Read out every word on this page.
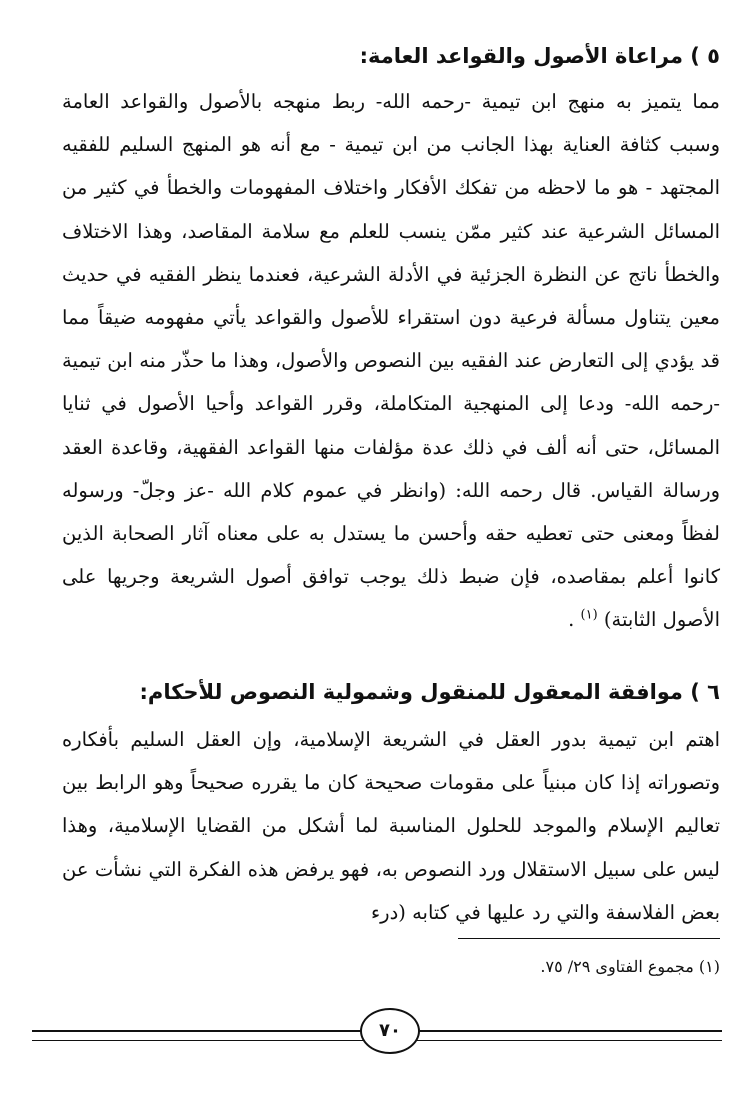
٥ ) مراعاة الأصول والقواعد العامة:

مما يتميز به منهج ابن تيمية -رحمه الله- ربط منهجه بالأصول والقواعد العامة وسبب كثافة العناية بهذا الجانب من ابن تيمية - مع أنه هو المنهج السليم للفقيه المجتهد - هو ما لاحظه من تفكك الأفكار واختلاف المفهومات والخطأ في كثير من المسائل الشرعية عند كثير ممّن ينسب للعلم مع سلامة المقاصد، وهذا الاختلاف والخطأ ناتج عن النظرة الجزئية في الأدلة الشرعية، فعندما ينظر الفقيه في حديث معين يتناول مسألة فرعية دون استقراء للأصول والقواعد يأتي مفهومه ضيقاً مما قد يؤدي إلى التعارض عند الفقيه بين النصوص والأصول، وهذا ما حذّر منه ابن تيمية -رحمه الله- ودعا إلى المنهجية المتكاملة، وقرر القواعد وأحيا الأصول في ثنايا المسائل، حتى أنه ألف في ذلك عدة مؤلفات منها القواعد الفقهية، وقاعدة العقد ورسالة القياس. قال رحمه الله: (وانظر في عموم كلام الله -عز وجلّ- ورسوله لفظاً ومعنى حتى تعطيه حقه وأحسن ما يستدل به على معناه آثار الصحابة الذين كانوا أعلم بمقاصده، فإن ضبط ذلك يوجب توافق أصول الشريعة وجريها على الأصول الثابتة) $^{(١)}$ .

٦ ) موافقة المعقول للمنقول وشمولية النصوص للأحكام:

اهتم ابن تيمية بدور العقل في الشريعة الإسلامية، وإن العقل السليم بأفكاره وتصوراته إذا كان مبنياً على مقومات صحيحة كان ما يقرره صحيحاً وهو الرابط بين تعاليم الإسلام والموجد للحلول المناسبة لما أشكل من القضايا الإسلامية، وهذا ليس على سبيل الاستقلال ورد النصوص به، فهو يرفض هذه الفكرة التي نشأت عن بعض الفلاسفة والتي رد عليها في كتابه (درء

(١) مجموع الفتاوى ٢٩/ ٧٥.

٧٠
